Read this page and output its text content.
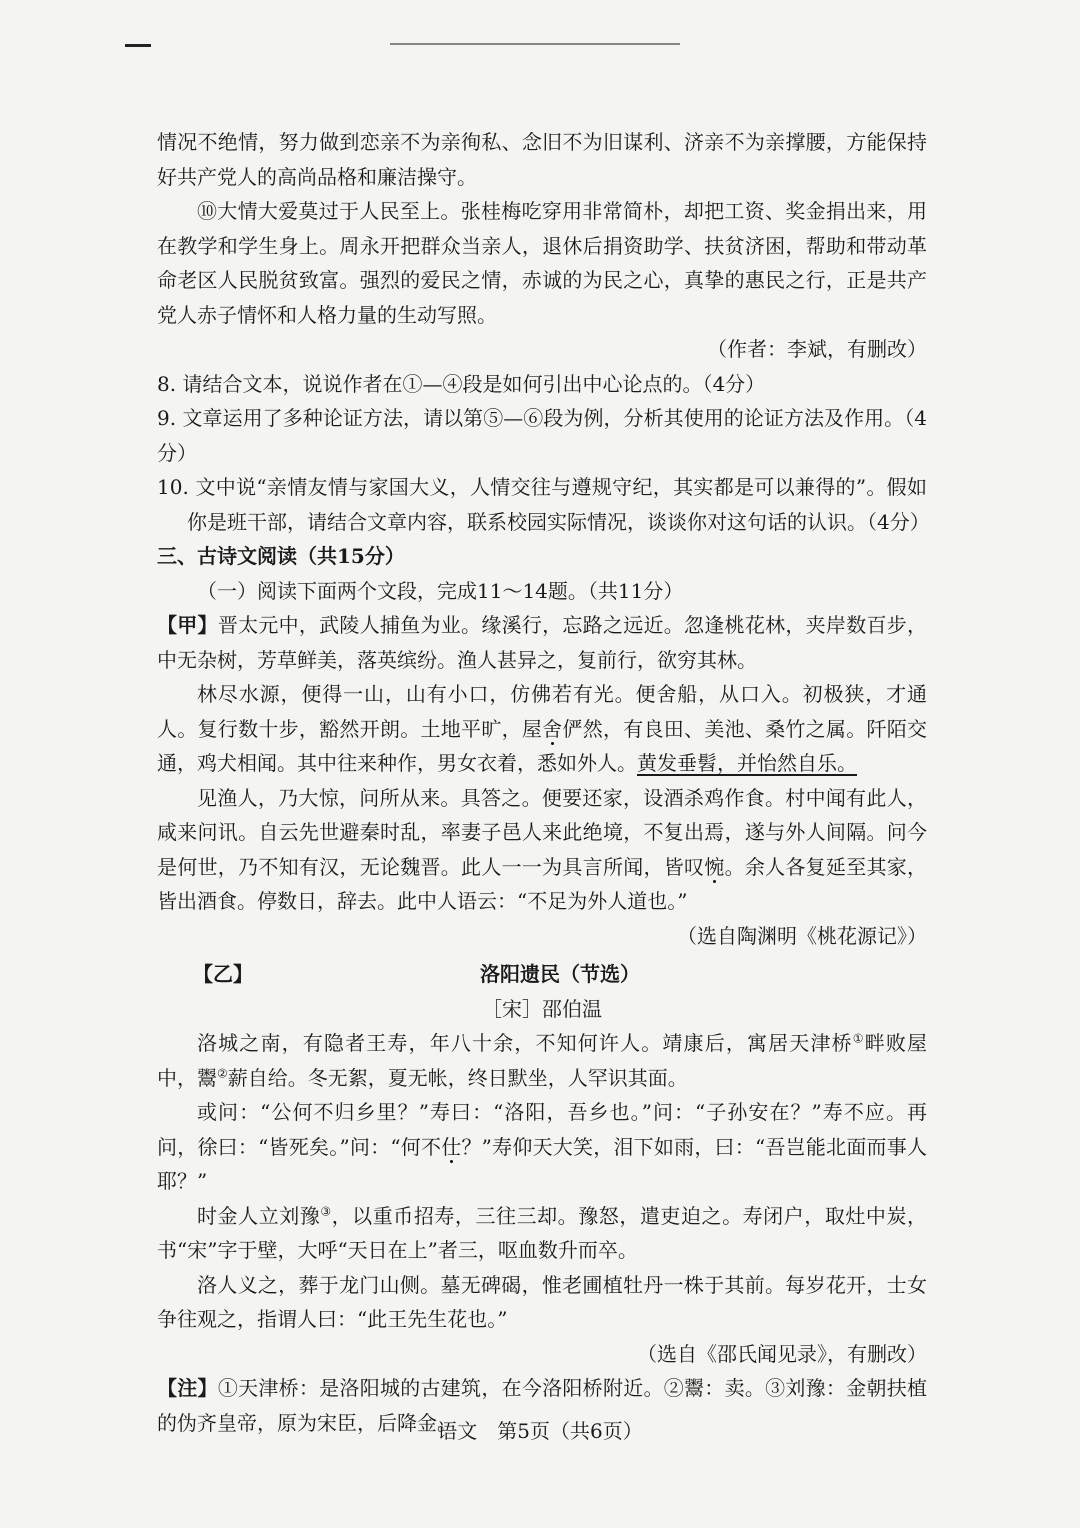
情况不绝情，努力做到恋亲不为亲徇私、念旧不为旧谋利、济亲不为亲撑腰，方能保持好共产党人的高尚品格和廉洁操守。

⑩大情大爱莫过于人民至上。张桂梅吃穿用非常简朴，却把工资、奖金捐出来，用在教学和学生身上。周永开把群众当亲人，退休后捐资助学、扶贫济困，帮助和带动革命老区人民脱贫致富。强烈的爱民之情，赤诚的为民之心，真挚的惠民之行，正是共产党人赤子情怀和人格力量的生动写照。

（作者：李斌，有删改）

8. 请结合文本，说说作者在①—④段是如何引出中心论点的。（4分）

9. 文章运用了多种论证方法，请以第⑤—⑥段为例，分析其使用的论证方法及作用。（4分）

10. 文中说“亲情友情与家国大义，人情交往与遵规守纪，其实都是可以兼得的”。假如你是班干部，请结合文章内容，联系校园实际情况，谈谈你对这句话的认识。（4分）

三、古诗文阅读（共15分）

（一）阅读下面两个文段，完成11～14题。（共11分）

【甲】晋太元中，武陵人捕鱼为业。缘溪行，忘路之远近。忽逢桃花林，夹岸数百步，中无杂树，芳草鲜美，落英缤纷。渔人甚异之，复前行，欲穷其林。

林尽水源，便得一山，山有小口，仿佛若有光。便舍船，从口入。初极狭，才通人。复行数十步，豁然开朗。土地平旷，屋舍俨然，有良田、美池、桑竹之属。阡陌交通，鸡犬相闻。其中往来种作，男女衣着，悉如外人。黄发垂髫，并怡然自乐。

见渔人，乃大惊，问所从来。具答之。便要还家，设酒杀鸡作食。村中闻有此人，咸来问讯。自云先世避秦时乱，率妻子邑人来此绝境，不复出焉，遂与外人间隔。问今是何世，乃不知有汉，无论魏晋。此人一一为具言所闻，皆叹惋。余人各复延至其家，皆出酒食。停数日，辞去。此中人语云：“不足为外人道也。”

（选自陶渊明《桃花源记》）

【乙】	洛阳遗民（节选）

［宋］邵伯温

洛城之南，有隐者王寿，年八十余，不知何许人。靖康后，寓居天津桥①畔败屋中，鬻②薪自给。冬无絮，夏无帐，终日默坐，人罕识其面。

或问：“公何不归乡里？”寿曰：“洛阳，吾乡也。”问：“子孙安在？”寿不应。再问，徐曰：“皆死矣。”问：“何不仕？”寿仰天大笑，泪下如雨，曰：“吾岂能北面而事人耶？”

时金人立刘豫③，以重币招寿，三往三却。豫怒，遣吏迫之。寿闭户，取灶中炭，书“宋”字于壁，大呼“天日在上”者三，呕血数升而卒。

洛人义之，葬于龙门山侧。墓无碑碣，惟老圃植牡丹一株于其前。每岁花开，士女争往观之，指谓人曰：“此王先生花也。”

（选自《邵氏闻见录》，有删改）

【注】①天津桥：是洛阳城的古建筑，在今洛阳桥附近。②鬻：卖。③刘豫：金朝扶植的伪齐皇帝，原为宋臣，后降金。

语文　第5页（共6页）
